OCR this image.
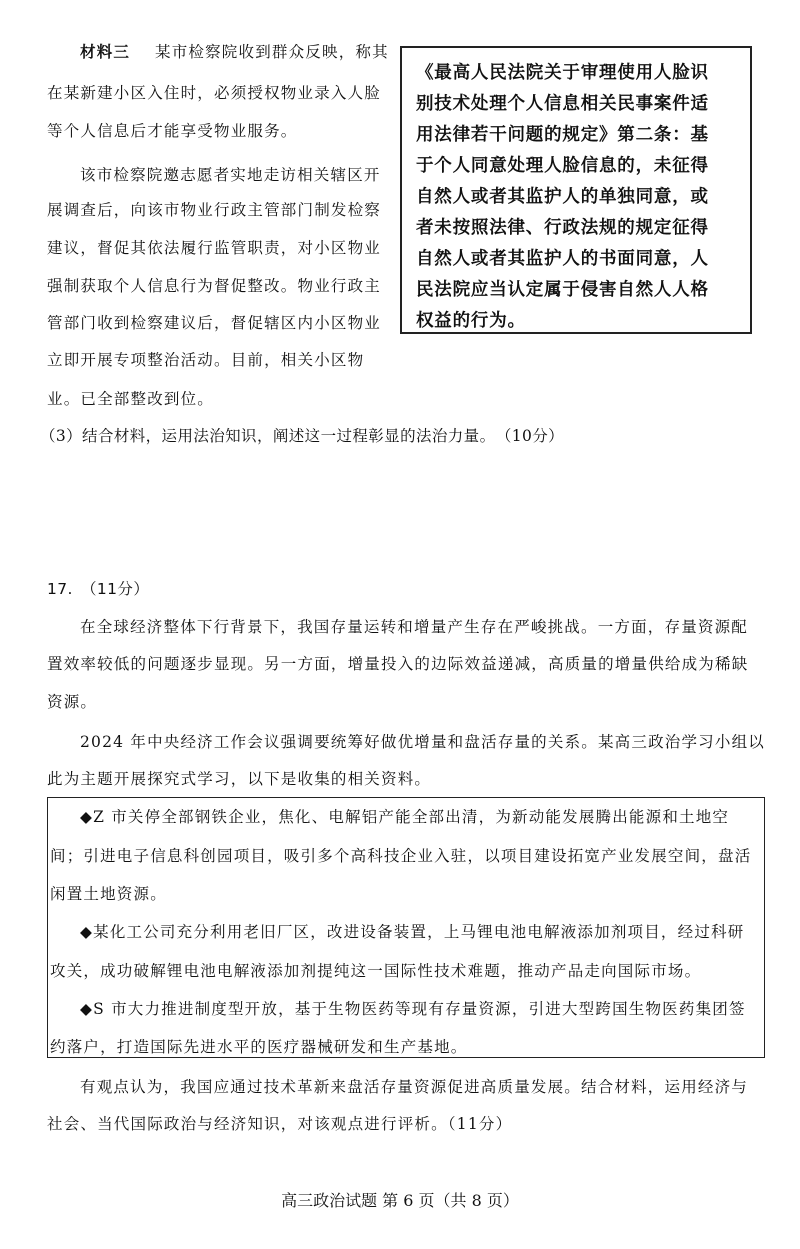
材料三 某市检察院收到群众反映，称其
在某新建小区入住时，必须授权物业录入人脸
等个人信息后才能享受物业服务。
该市检察院邀志愿者实地走访相关辖区开
展调查后，向该市物业行政主管部门制发检察
建议，督促其依法履行监管职责，对小区物业
强制获取个人信息行为督促整改。物业行政主
管部门收到检察建议后，督促辖区内小区物业
立即开展专项整治活动。目前，相关小区物
业。已全部整改到位。
《最高人民法院关于审理使用人脸识
别技术处理个人信息相关民事案件适
用法律若干问题的规定》第二条：基
于个人同意处理人脸信息的，未征得
自然人或者其监护人的单独同意，或
者未按照法律、行政法规的规定征得
自然人或者其监护人的书面同意，人
民法院应当认定属于侵害自然人人格
权益的行为。
（3）结合材料，运用法治知识，阐述这一过程彰显的法治力量。　（10分）
17.　（11分）
在全球经济整体下行背景下，我国存量运转和增量产生存在严峻挑战。一方面，存量资源配
置效率较低的问题逐步显现。另一方面，增量投入的边际效益递减，高质量的增量供给成为稀缺
资源。
2024 年中央经济工作会议强调要统筹好做优增量和盘活存量的关系。某高三政治学习小组以
此为主题开展探究式学习，以下是收集的相关资料。
◆Z 市关停全部钢铁企业，焦化、电解铝产能全部出清，为新动能发展腾出能源和土地空
间；引进电子信息科创园项目，吸引多个高科技企业入驻，以项目建设拓宽产业发展空间，盘活
闲置土地资源。
◆某化工公司充分利用老旧厂区，改进设备装置，上马锂电池电解液添加剂项目，经过科研
攻关，成功破解锂电池电解液添加剂提纯这一国际性技术难题，推动产品走向国际市场。
◆S 市大力推进制度型开放，基于生物医药等现有存量资源，引进大型跨国生物医药集团签
约落户，打造国际先进水平的医疗器械研发和生产基地。
有观点认为，我国应通过技术革新来盘活存量资源促进高质量发展。结合材料，运用经济与
社会、当代国际政治与经济知识，对该观点进行评析。（11分）
高三政治试题 第 6 页（共 8 页）
